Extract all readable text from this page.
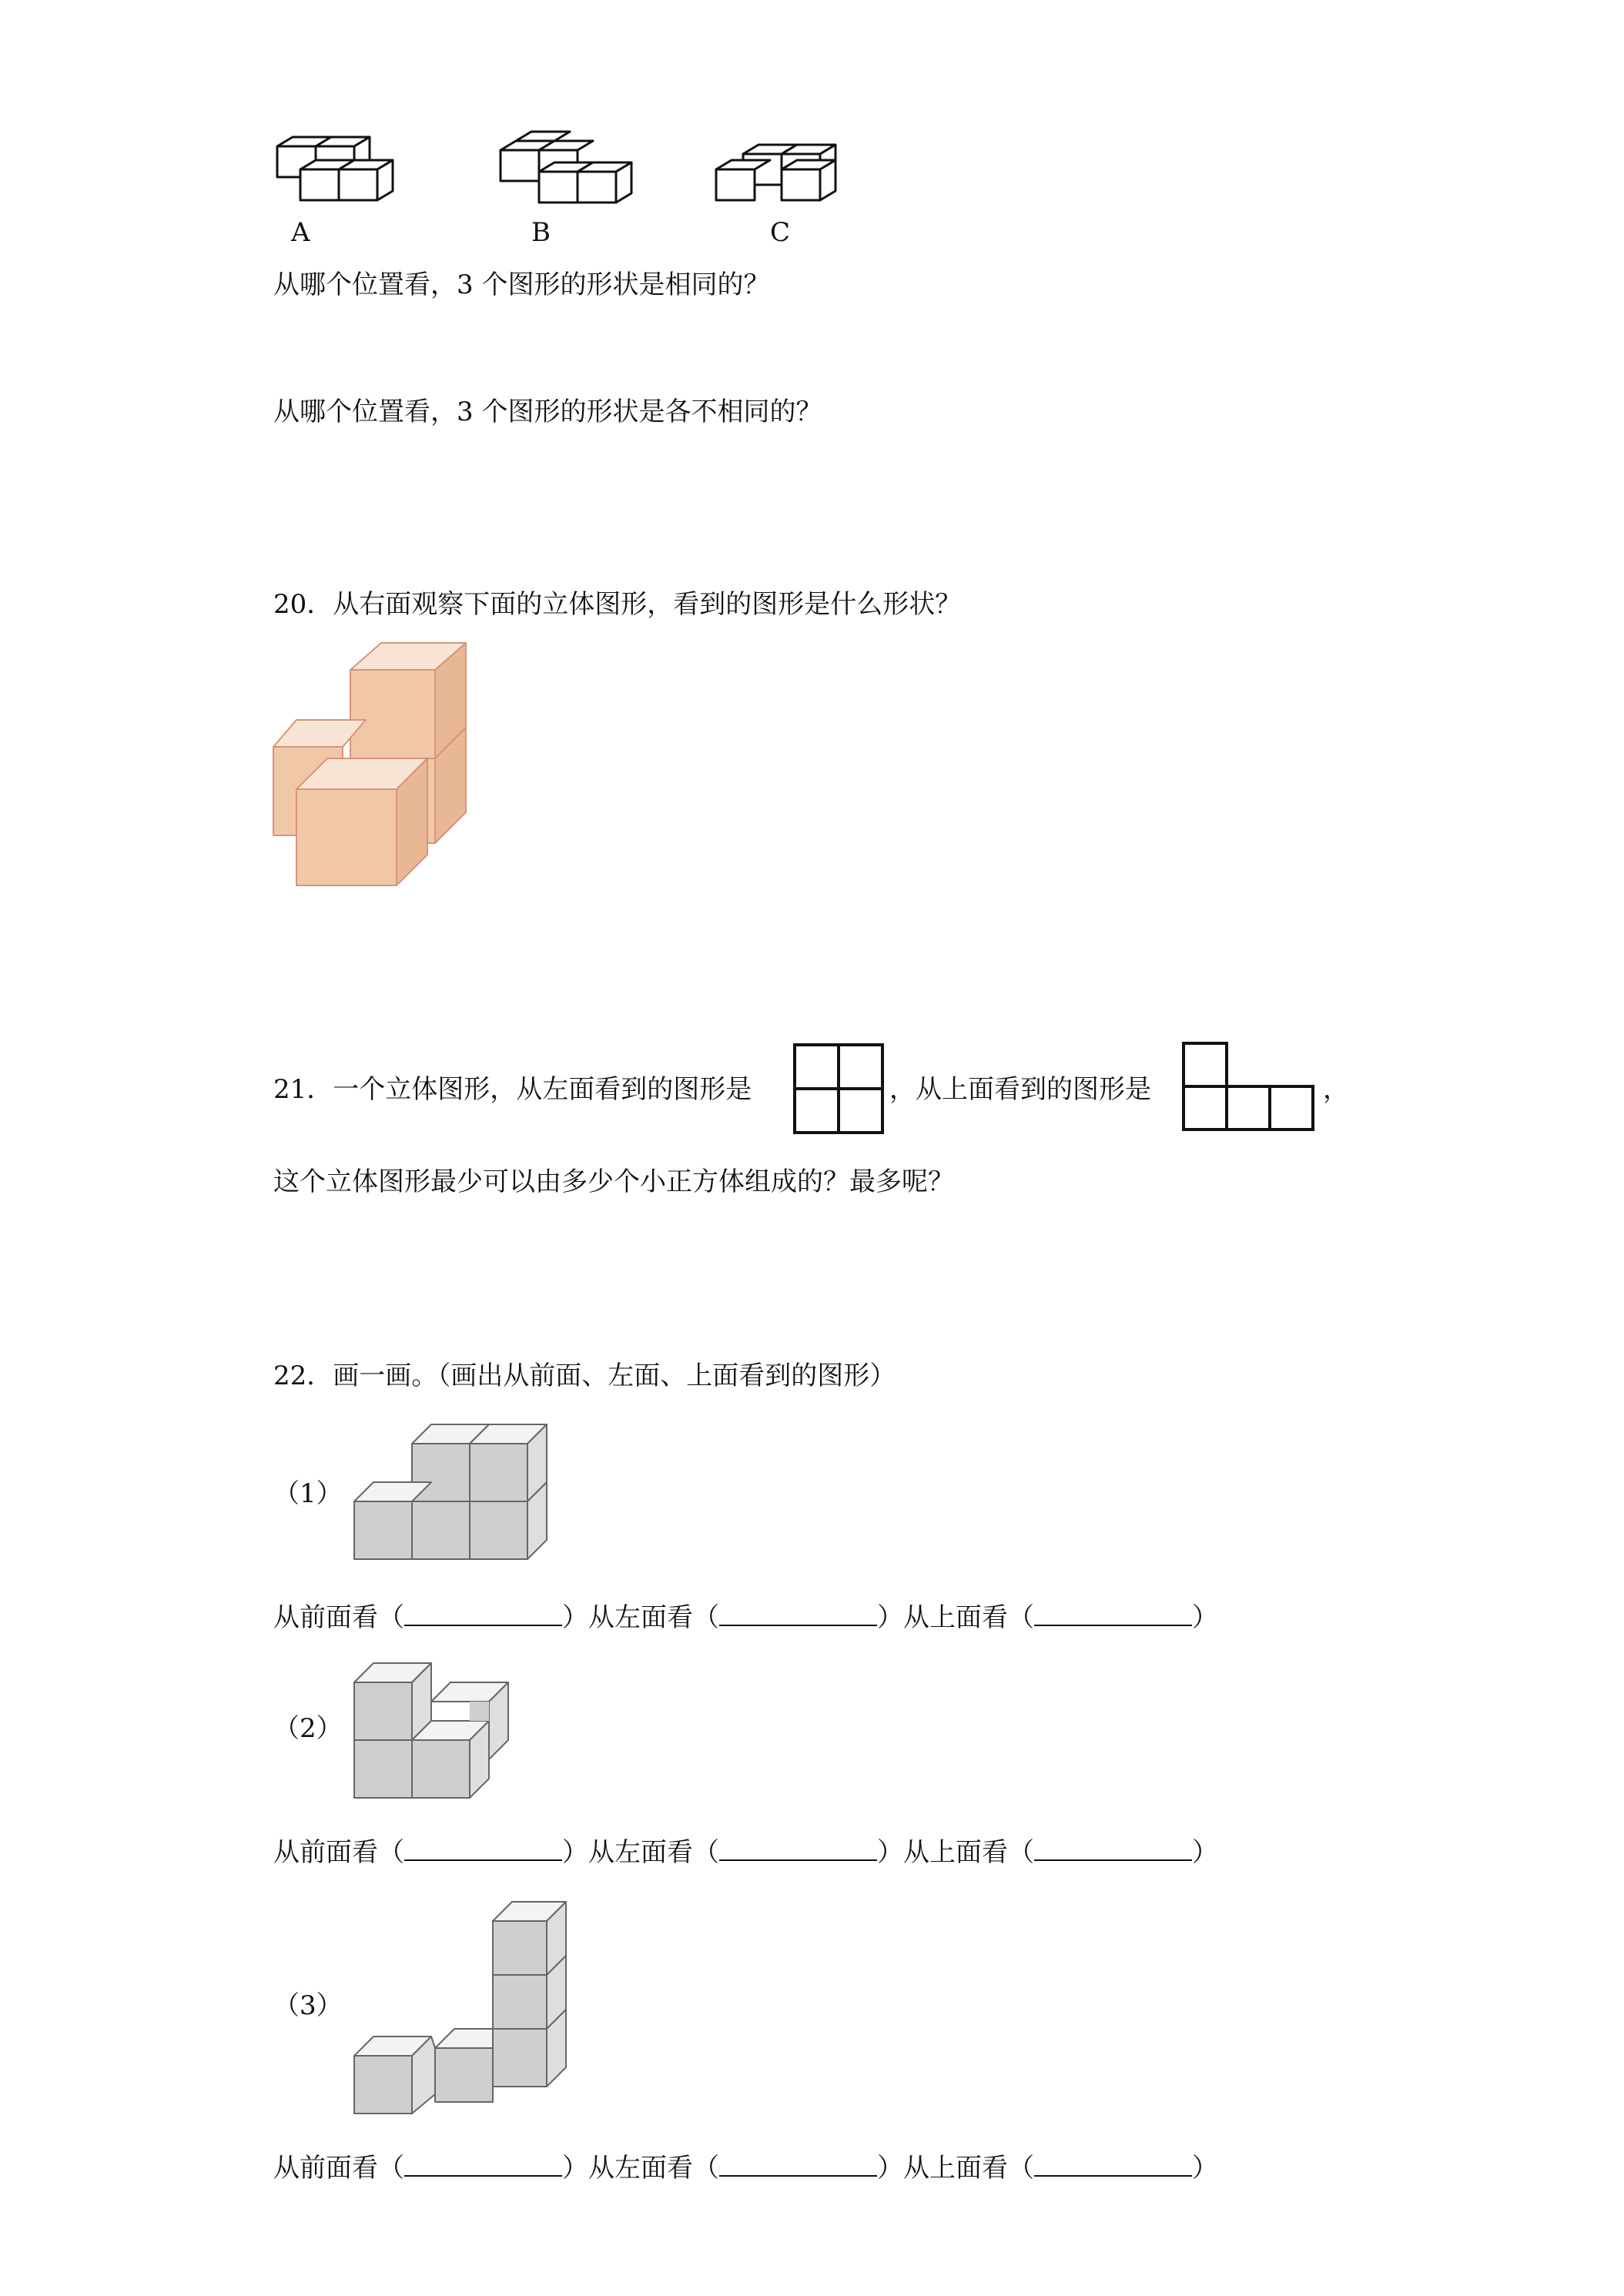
A	B	C
从哪个位置看，3 个图形的形状是相同的？
从哪个位置看，3 个图形的形状是各不相同的？
20．从右面观察下面的立体图形，看到的图形是什么形状？
21．一个立体图形，从左面看到的图形是	，从上面看到的图形是	，
这个立体图形最少可以由多少个小正方体组成的？最多呢？
22．画一画。（画出从前面、左面、上面看到的图形）
（1）
从前面看（	）从左面看（	）从上面看（	）
（2）
从前面看（	）从左面看（	）从上面看（	）
（3）
从前面看（	）从左面看（	）从上面看（	）
